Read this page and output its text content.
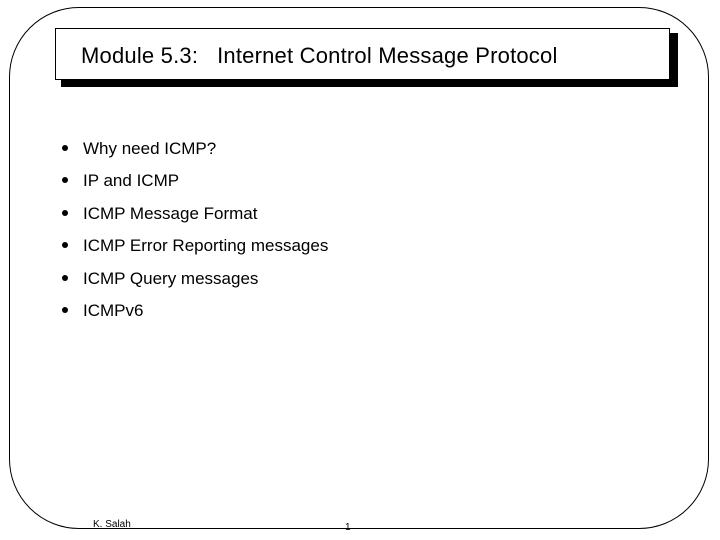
Module 5.3:   Internet Control Message Protocol
Why need ICMP?
IP and ICMP
ICMP Message Format
ICMP Error Reporting messages
ICMP Query messages
ICMPv6
K. Salah	1
